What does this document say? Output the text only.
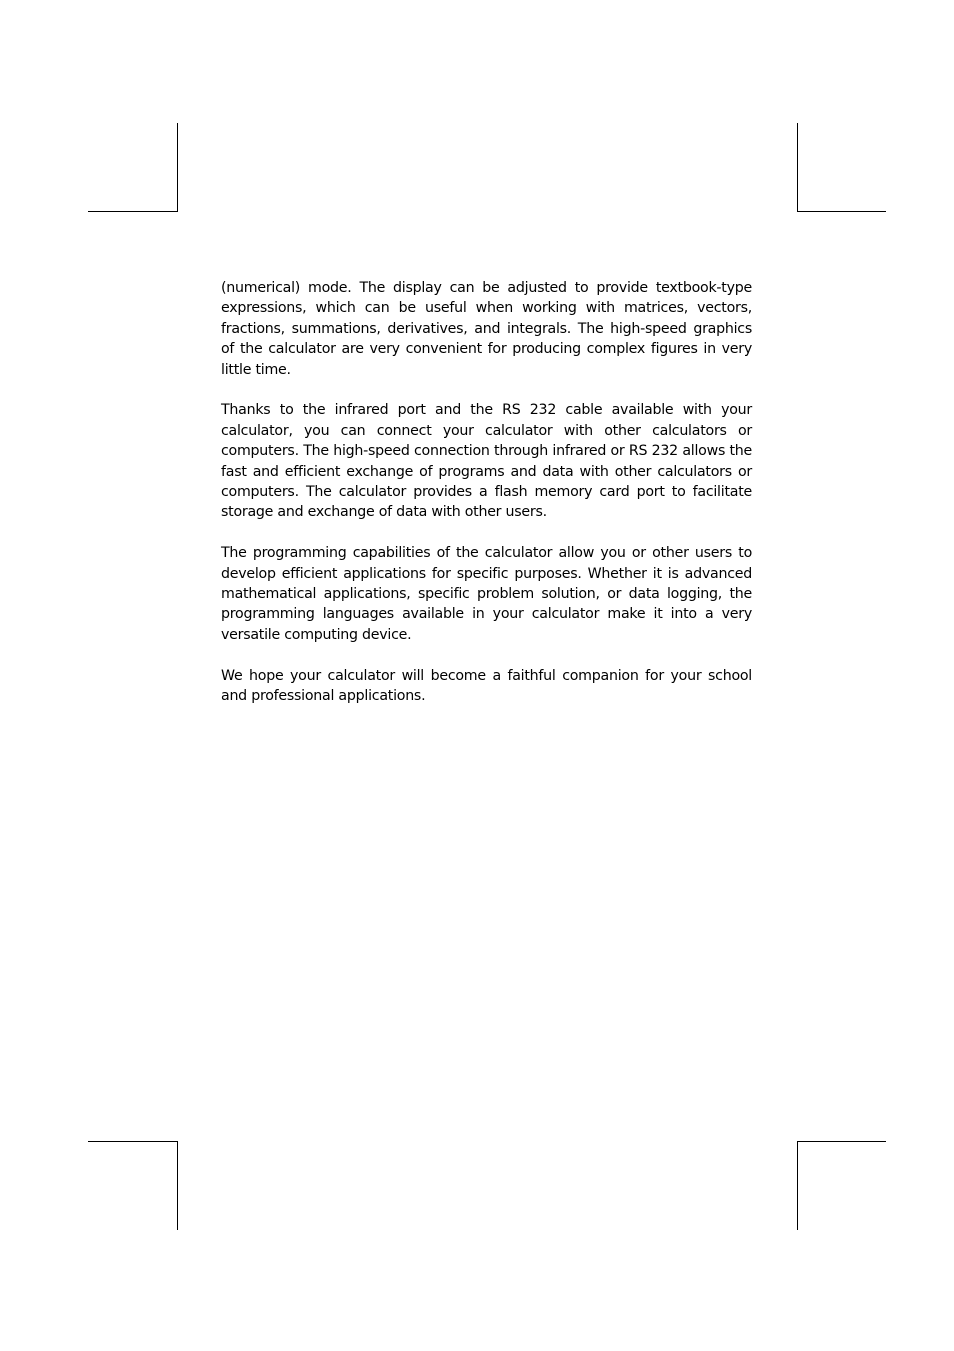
(numerical) mode. The display can be adjusted to provide textbook-type expressions, which can be useful when working with matrices, vectors, fractions, summations, derivatives, and integrals. The high-speed graphics of the calculator are very convenient for producing complex figures in very little time.

Thanks to the infrared port and the RS 232 cable available with your calculator, you can connect your calculator with other calculators or computers. The high-speed connection through infrared or RS 232 allows the fast and efficient exchange of programs and data with other calculators or computers. The calculator provides a flash memory card port to facilitate storage and exchange of data with other users.

The programming capabilities of the calculator allow you or other users to develop efficient applications for specific purposes. Whether it is advanced mathematical applications, specific problem solution, or data logging, the programming languages available in your calculator make it into a very versatile computing device.

We hope your calculator will become a faithful companion for your school and professional applications.
